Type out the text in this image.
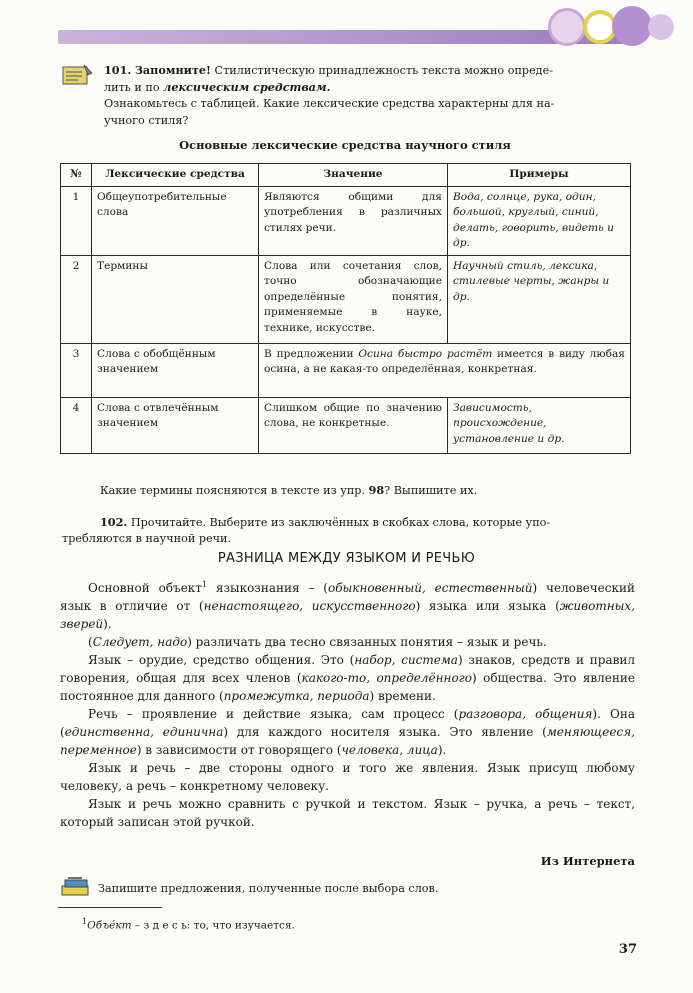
101. Запомните! Стилистическую принадлежность текста можно опреде-
лить и по лексическим средствам.
Ознакомьтесь с таблицей. Какие лексические средства характерны для на-
учного стиля?
Основные лексические средства научного стиля
№	Лексические средства	Значение	Примеры
1	Общеупотребительные слова	Являются общими для употребления в различных стилях речи.	Вода, солнце, рука, один, большой, круглый, синий, делать, говорить, видеть и др.
2	Термины	Слова или сочетания слов, точно обозначающие определённые понятия, применяемые в науке, технике, искусстве.	Научный стиль, лексика, стилевые черты, жанры и др.
3	Слова с обобщённым значением	В предложении Осина быстро растёт имеется в виду любая осина, а не какая-то определённая, конкретная.	
4	Слова с отвлечённым значением	Слишком общие по значению слова, не конкретные.	Зависимость, происхождение, установление и др.
Какие термины поясняются в тексте из упр. 98? Выпишите их.
102. Прочитайте. Выберите из заключённых в скобках слова, которые упо-
требляются в научной речи.
РАЗНИЦА МЕЖДУ ЯЗЫКОМ И РЕЧЬЮ

Основной объект$^1$ языкознания – (обыкновенный, естественный) человеческий язык в отличие от (ненастоящего, искусственного) языка или языка (животных, зверей).

(Следует, надо) различать два тесно связанных понятия – язык и речь.

Язык – орудие, средство общения. Это (набор, система) знаков, средств и правил говорения, общая для всех членов (какого-то, определённого) общества. Это явление постоянное для данного (промежутка, периода) времени.

Речь – проявление и действие языка, сам процесс (разговора, общения). Она (единственна, единична) для каждого носителя языка. Это явление (меняющееся, переменное) в зависимости от говорящего (человека, лица).

Язык и речь – две стороны одного и того же явления. Язык присущ любому человеку, а речь – конкретному человеку.

Язык и речь можно сравнить с ручкой и текстом. Язык – ручка, а речь – текст, который записан этой ручкой.

Из Интернета
Запишите предложения, полученные после выбора слов.
$^1$Объéкт – з д е с ь: то, что изучается.
37
